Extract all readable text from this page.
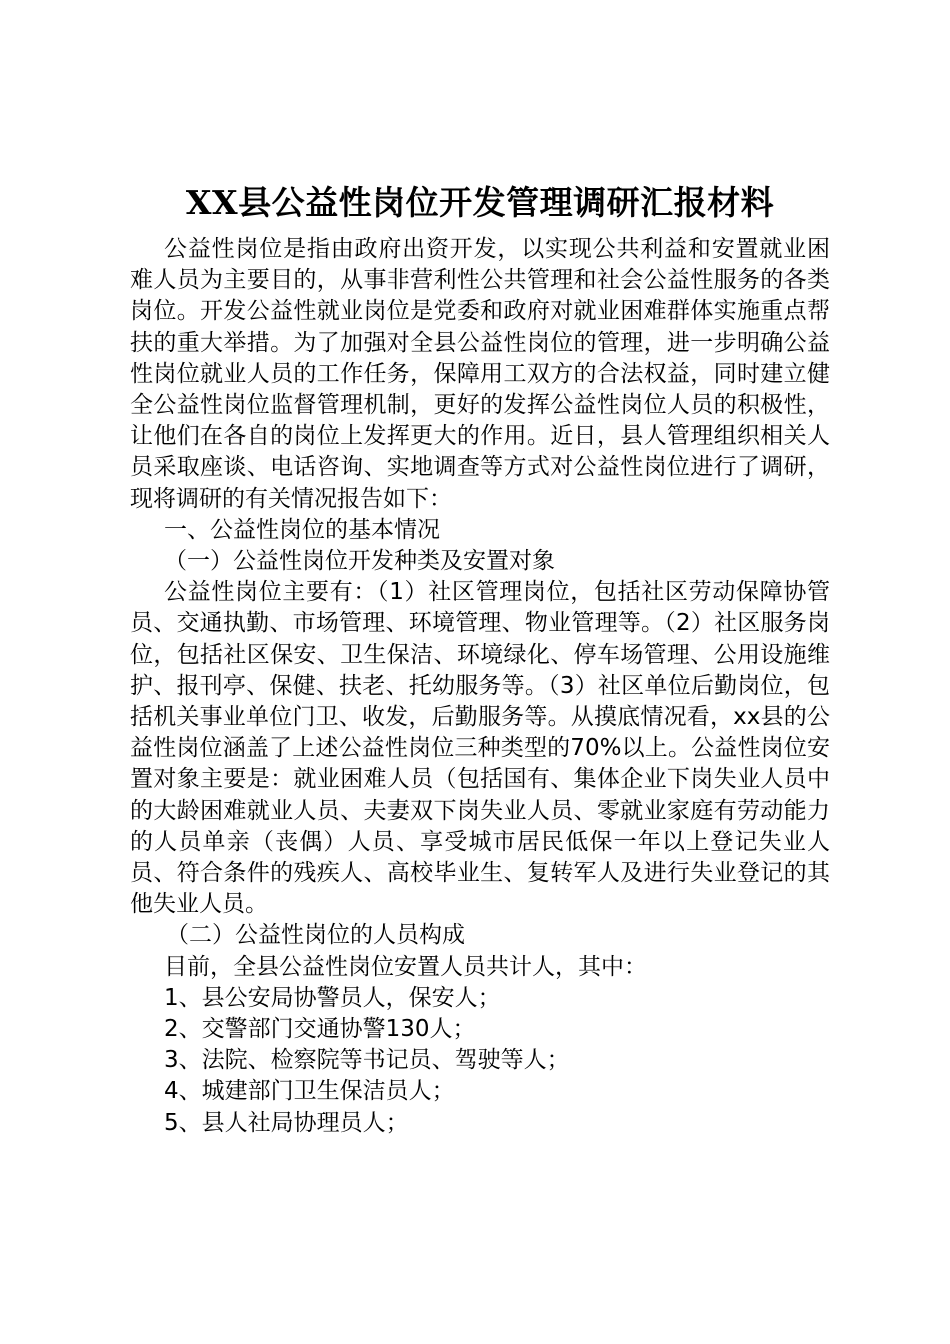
XX县公益性岗位开发管理调研汇报材料

公益性岗位是指由政府出资开发，以实现公共利益和安置就业困难人员为主要目的，从事非营利性公共管理和社会公益性服务的各类岗位。开发公益性就业岗位是党委和政府对就业困难群体实施重点帮扶的重大举措。为了加强对全县公益性岗位的管理，进一步明确公益性岗位就业人员的工作任务，保障用工双方的合法权益，同时建立健全公益性岗位监督管理机制，更好的发挥公益性岗位人员的积极性，让他们在各自的岗位上发挥更大的作用。近日，县人管理组织相关人员采取座谈、电话咨询、实地调查等方式对公益性岗位进行了调研，现将调研的有关情况报告如下：

一、公益性岗位的基本情况

（一）公益性岗位开发种类及安置对象

公益性岗位主要有：（1）社区管理岗位，包括社区劳动保障协管员、交通执勤、市场管理、环境管理、物业管理等。（2）社区服务岗位，包括社区保安、卫生保洁、环境绿化、停车场管理、公用设施维护、报刊亭、保健、扶老、托幼服务等。（3）社区单位后勤岗位，包括机关事业单位门卫、收发，后勤服务等。从摸底情况看，xx县的公益性岗位涵盖了上述公益性岗位三种类型的70%以上。公益性岗位安置对象主要是：就业困难人员（包括国有、集体企业下岗失业人员中的大龄困难就业人员、夫妻双下岗失业人员、零就业家庭有劳动能力的人员单亲（丧偶）人员、享受城市居民低保一年以上登记失业人员、符合条件的残疾人、高校毕业生、复转军人及进行失业登记的其他失业人员。

（二）公益性岗位的人员构成

目前，全县公益性岗位安置人员共计人，其中：

1、县公安局协警员人，保安人；

2、交警部门交通协警130人；

3、法院、检察院等书记员、驾驶等人；

4、城建部门卫生保洁员人；

5、县人社局协理员人；
